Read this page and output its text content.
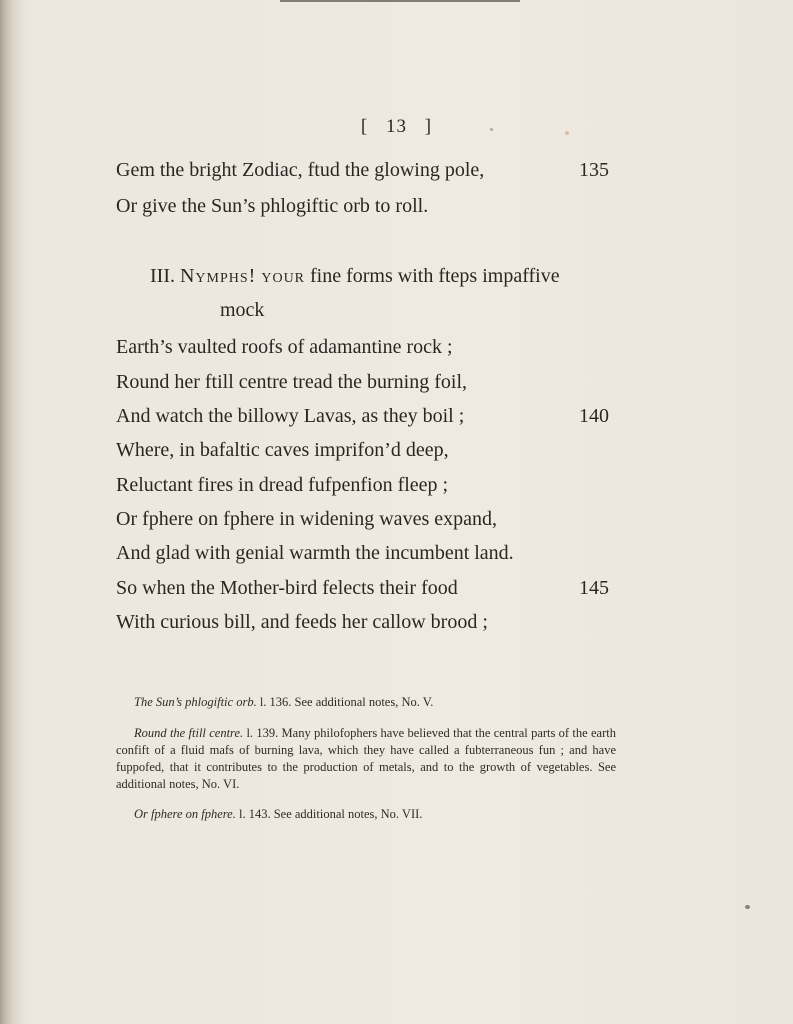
[ 13 ]
Gem the bright Zodiac, ftud the glowing pole,	135
Or give the Sun’s phlogiftic orb to roll.
III. Nymphs! your fine forms with fteps impaffive
mock
Earth’s vaulted roofs of adamantine rock ;
Round her ftill centre tread the burning foil,
And watch the billowy Lavas, as they boil ;	140
Where, in bafaltic caves imprifon’d deep,
Reluctant fires in dread fufpenfion fleep ;
Or fphere on fphere in widening waves expand,
And glad with genial warmth the incumbent land.
So when the Mother-bird felects their food	145
With curious bill, and feeds her callow brood ;
The Sun’s phlogiftic orb. l. 136. See additional notes, No. V.
Round the ftill centre. l. 139. Many philofophers have believed that the central parts of the earth confift of a fluid mafs of burning lava, which they have called a fubterraneous fun ; and have fuppofed, that it contributes to the production of metals, and to the growth of vegetables. See additional notes, No. VI.
Or fphere on fphere. l. 143. See additional notes, No. VII.
